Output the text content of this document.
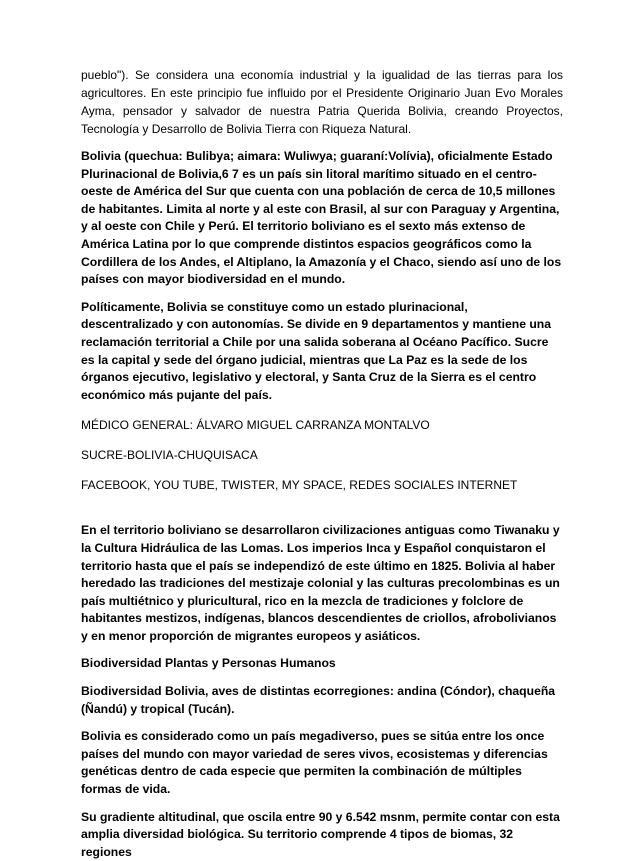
pueblo"). Se considera una economía industrial y la igualidad de las tierras para los agricultores. En este principio fue influido por el Presidente Originario Juan Evo Morales Ayma, pensador y salvador de nuestra Patria Querida Bolivia, creando Proyectos, Tecnología y Desarrollo de Bolivia Tierra con Riqueza Natural.

Bolivia (quechua: Bulibya; aimara: Wuliwya; guaraní:Volívia), oficialmente Estado Plurinacional de Bolivia,6 7 es un país sin litoral marítimo situado en el centro-oeste de América del Sur que cuenta con una población de cerca de 10,5 millones de habitantes. Limita al norte y al este con Brasil, al sur con Paraguay y Argentina, y al oeste con Chile y Perú. El territorio boliviano es el sexto más extenso de América Latina por lo que comprende distintos espacios geográficos como la Cordillera de los Andes, el Altiplano, la Amazonía y el Chaco, siendo así uno de los países con mayor biodiversidad en el mundo.

Políticamente, Bolivia se constituye como un estado plurinacional, descentralizado y con autonomías. Se divide en 9 departamentos y mantiene una reclamación territorial a Chile por una salida soberana al Océano Pacífico. Sucre es la capital y sede del órgano judicial, mientras que La Paz es la sede de los órganos ejecutivo, legislativo y electoral, y Santa Cruz de la Sierra es el centro económico más pujante del país.

MÉDICO GENERAL: ÁLVARO MIGUEL CARRANZA MONTALVO

SUCRE-BOLIVIA-CHUQUISACA

FACEBOOK, YOU TUBE, TWISTER, MY SPACE, REDES SOCIALES INTERNET

En el territorio boliviano se desarrollaron civilizaciones antiguas como Tiwanaku y la Cultura Hidráulica de las Lomas. Los imperios Inca y Español conquistaron el territorio hasta que el país se independizó de este último en 1825. Bolivia al haber heredado las tradiciones del mestizaje colonial y las culturas precolombinas es un país multiétnico y pluricultural, rico en la mezcla de tradiciones y folclore de habitantes mestizos, indígenas, blancos descendientes de criollos, afrobolivianos y en menor proporción de migrantes europeos y asiáticos.

Biodiversidad Plantas y Personas Humanos

Biodiversidad Bolivia, aves de distintas ecorregiones: andina (Cóndor), chaqueña (Ñandú) y tropical (Tucán).

Bolivia es considerado como un país megadiverso, pues se sitúa entre los once países del mundo con mayor variedad de seres vivos, ecosistemas y diferencias genéticas dentro de cada especie que permiten la combinación de múltiples formas de vida.

Su gradiente altitudinal, que oscila entre 90 y 6.542 msnm, permite contar con esta amplia diversidad biológica. Su territorio comprende 4 tipos de biomas, 32 regiones
